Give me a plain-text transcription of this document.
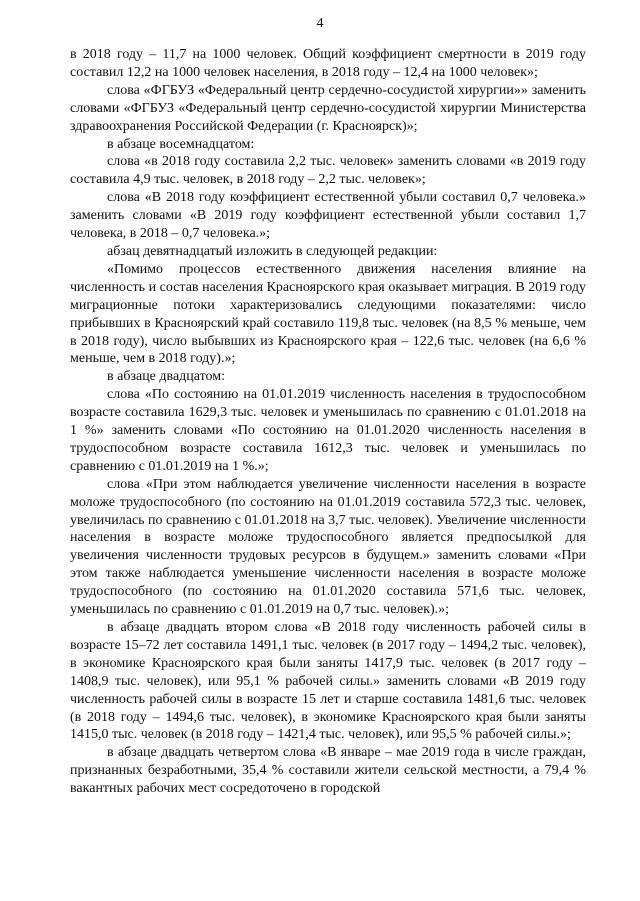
4

в 2018 году – 11,7 на 1000 человек. Общий коэффициент смертности в 2019 году составил 12,2 на 1000 человек населения, в 2018 году – 12,4 на 1000 человек»;

слова «ФГБУЗ «Федеральный центр сердечно-сосудистой хирургии»» заменить словами «ФГБУЗ «Федеральный центр сердечно-сосудистой хирургии Министерства здравоохранения Российской Федерации (г. Красноярск)»;

в абзаце восемнадцатом:

слова «в 2018 году составила 2,2 тыс. человек» заменить словами «в 2019 году составила 4,9 тыс. человек, в 2018 году – 2,2 тыс. человек»;

слова «В 2018 году коэффициент естественной убыли составил 0,7 человека.» заменить словами «В 2019 году коэффициент естественной убыли составил 1,7 человека, в 2018 – 0,7 человека.»;

абзац девятнадцатый изложить в следующей редакции:

«Помимо процессов естественного движения населения влияние на численность и состав населения Красноярского края оказывает миграция. В 2019 году миграционные потоки характеризовались следующими показателями: число прибывших в Красноярский край составило 119,8 тыс. человек (на 8,5 % меньше, чем в 2018 году), число выбывших из Красноярского края – 122,6 тыс. человек (на 6,6 % меньше, чем в 2018 году).»;

в абзаце двадцатом:

слова «По состоянию на 01.01.2019 численность населения в трудоспособном возрасте составила 1629,3 тыс. человек и уменьшилась по сравнению с 01.01.2018 на 1 %» заменить словами «По состоянию на 01.01.2020 численность населения в трудоспособном возрасте составила 1612,3 тыс. человек и уменьшилась по сравнению с 01.01.2019 на 1 %.»;

слова «При этом наблюдается увеличение численности населения в возрасте моложе трудоспособного (по состоянию на 01.01.2019 составила 572,3 тыс. человек, увеличилась по сравнению с 01.01.2018 на 3,7 тыс. человек). Увеличение численности населения в возрасте моложе трудоспособного является предпосылкой для увеличения численности трудовых ресурсов в будущем.» заменить словами «При этом также наблюдается уменьшение численности населения в возрасте моложе трудоспособного (по состоянию на 01.01.2020 составила 571,6 тыс. человек, уменьшилась по сравнению с 01.01.2019 на 0,7 тыс. человек).»;

в абзаце двадцать втором слова «В 2018 году численность рабочей силы в возрасте 15–72 лет составила 1491,1 тыс. человек (в 2017 году – 1494,2 тыс. человек), в экономике Красноярского края были заняты 1417,9 тыс. человек (в 2017 году – 1408,9 тыс. человек), или 95,1 % рабочей силы.» заменить словами «В 2019 году численность рабочей силы в возрасте 15 лет и старше составила 1481,6 тыс. человек (в 2018 году – 1494,6 тыс. человек), в экономике Красноярского края были заняты 1415,0 тыс. человек (в 2018 году – 1421,4 тыс. человек), или 95,5 % рабочей силы.»;

в абзаце двадцать четвертом слова «В январе – мае 2019 года в числе граждан, признанных безработными, 35,4 % составили жители сельской местности, а 79,4 % вакантных рабочих мест сосредоточено в городской
